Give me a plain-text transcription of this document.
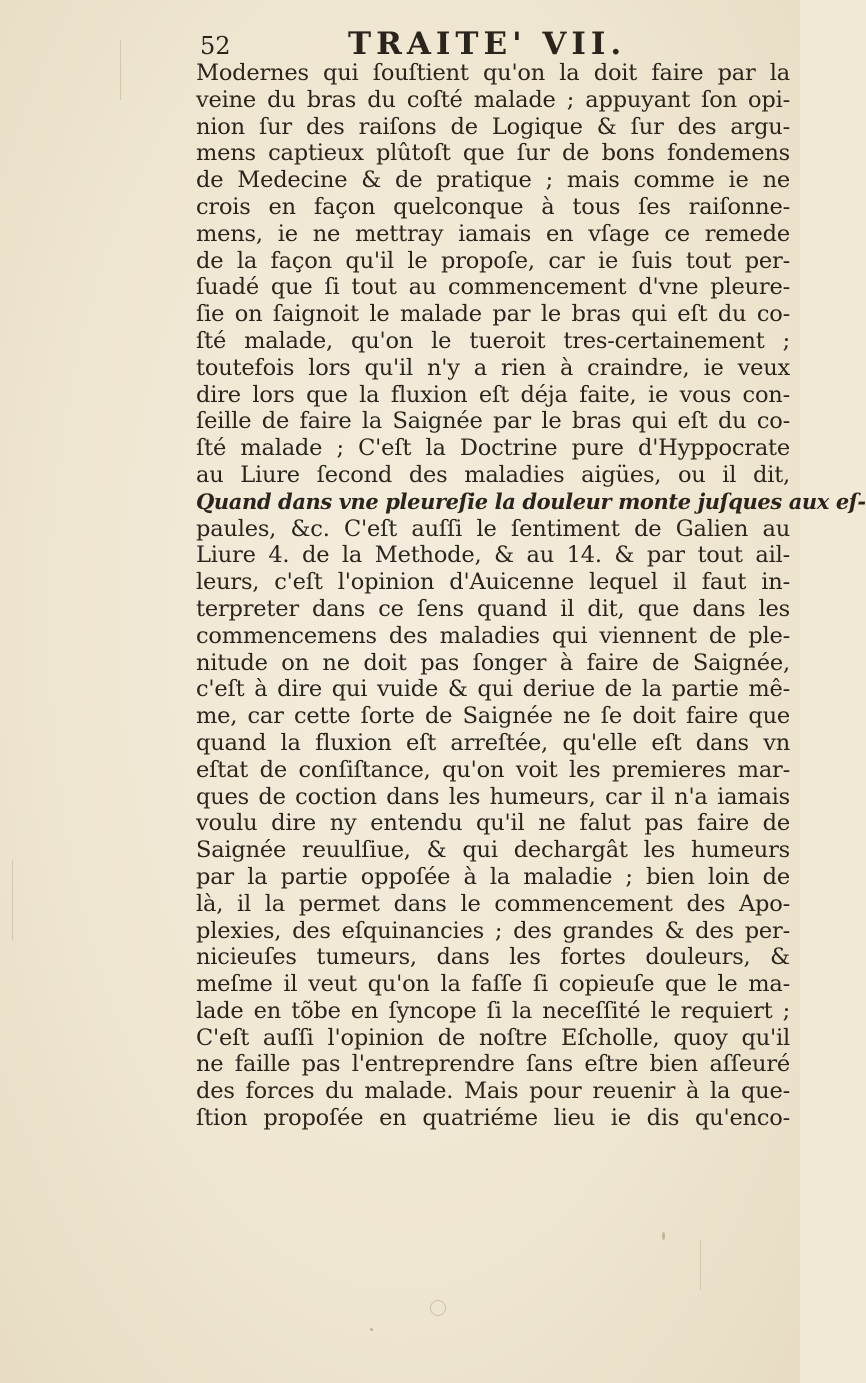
52	TRAITE' VII.
Modernes qui ſouſtient qu'on la doit faire par la
veine du bras du coſté malade ; appuyant ſon opi-
nion ſur des raiſons de Logique & ſur des argu-
mens captieux plûtoſt que ſur de bons fondemens
de Medecine & de pratique ; mais comme ie ne
crois en façon quelconque à tous ſes raiſonne-
mens, ie ne mettray iamais en vſage ce remede
de la façon qu'il le propoſe, car ie ſuis tout per-
ſuadé que ſi tout au commencement d'vne pleure-
ſie on ſaignoit le malade par le bras qui eſt du co-
ſté malade, qu'on le tueroit tres-certainement ;
toutefois lors qu'il n'y a rien à craindre, ie veux
dire lors que la fluxion eſt déja faite, ie vous con-
ſeille de faire la Saignée par le bras qui eſt du co-
ſté malade ; C'eſt la Doctrine pure d'Hyppocrate
au Liure ſecond des maladies aigües, ou il dit,
Quand dans vne pleureſie la douleur monte juſques aux eſ-
paules, &c. C'eſt auſſi le ſentiment de Galien au
Liure 4. de la Methode, & au 14. & par tout ail-
leurs, c'eſt l'opinion d'Auicenne lequel il faut in-
terpreter dans ce ſens quand il dit, que dans les
commencemens des maladies qui viennent de ple-
nitude on ne doit pas ſonger à faire de Saignée,
c'eſt à dire qui vuide & qui deriue de la partie mê-
me, car cette ſorte de Saignée ne ſe doit faire que
quand la fluxion eſt arreſtée, qu'elle eſt dans vn
eſtat de conſiſtance, qu'on voit les premieres mar-
ques de coction dans les humeurs, car il n'a iamais
voulu dire ny entendu qu'il ne falut pas faire de
Saignée reuulſiue, & qui dechargât les humeurs
par la partie oppoſée à la maladie ; bien loin de
là, il la permet dans le commencement des Apo-
plexies, des eſquinancies ; des grandes & des per-
nicieuſes tumeurs, dans les fortes douleurs, &
meſme il veut qu'on la faſſe ſi copieuſe que le ma-
lade en tõbe en ſyncope ſi la neceſſité le requiert ;
C'eſt auſſi l'opinion de noſtre Eſcholle, quoy qu'il
ne faille pas l'entreprendre ſans eſtre bien aſſeuré
des forces du malade. Mais pour reuenir à la que-
ſtion propoſée en quatriéme lieu ie dis qu'enco-
